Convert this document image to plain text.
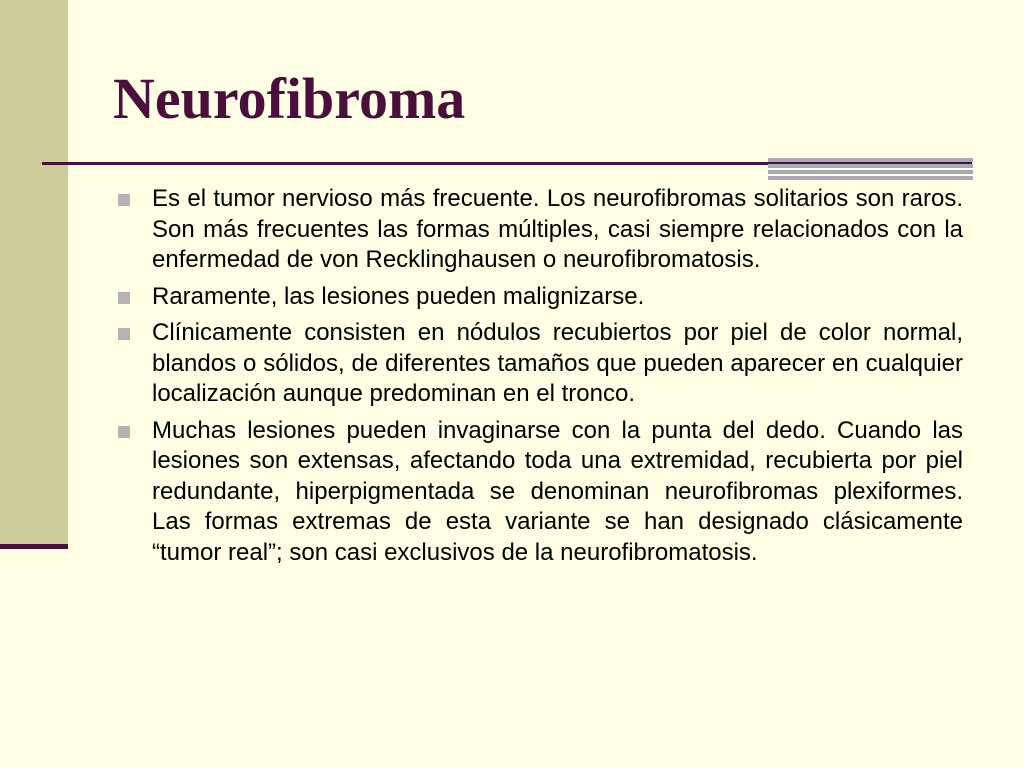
Neurofibroma
Es el tumor nervioso más frecuente. Los neurofibromas solitarios son raros. Son más frecuentes las formas múltiples, casi siempre relacionados con la enfermedad de von Recklinghausen o neurofibromatosis.
Raramente, las lesiones pueden malignizarse.
Clínicamente consisten en nódulos recubiertos por piel de color normal, blandos o sólidos, de diferentes tamaños que pueden aparecer en cualquier localización aunque predominan en el tronco.
Muchas lesiones pueden invaginarse con la punta del dedo. Cuando las lesiones son extensas, afectando toda una extremidad, recubierta por piel redundante, hiperpigmentada se denominan neurofibromas plexiformes. Las formas extremas de esta variante se han designado clásicamente “tumor real”; son casi exclusivos de la neurofibromatosis.
